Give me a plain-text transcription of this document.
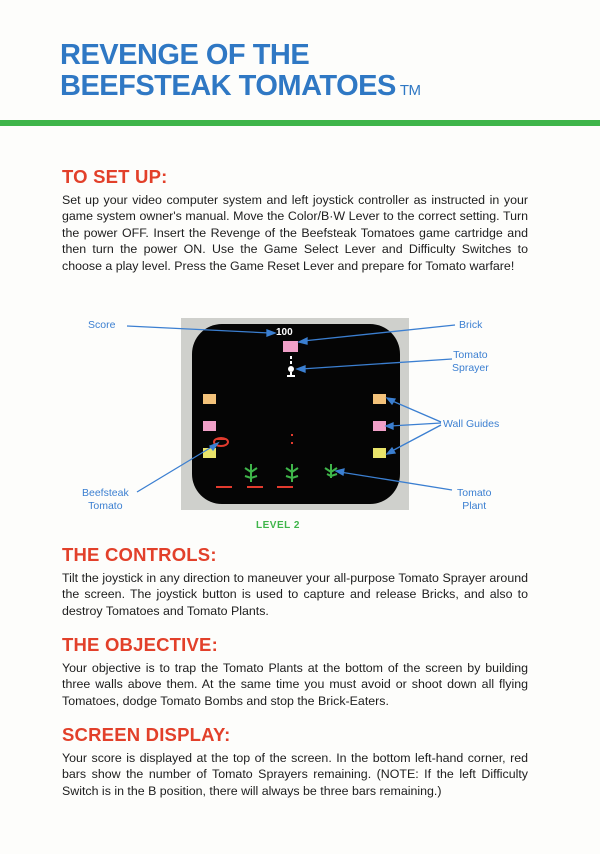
REVENGE OF THE
BEEFSTEAK TOMATOES ™
TO SET UP:

Set up your video computer system and left joystick controller as instructed in your game system owner's manual. Move the Color/B·W Lever to the correct setting. Turn the power OFF. Insert the Revenge of the Beefsteak Tomatoes game cartridge and then turn the power ON. Use the Game Select Lever and Difficulty Switches to choose a play level. Press the Game Reset Lever and prepare for Tomato warfare!

100
Score	Brick
Tomato
Sprayer
Wall Guides
Beefsteak
Tomato
Tomato
Plant
LEVEL 2
THE CONTROLS:

Tilt the joystick in any direction to maneuver your all-purpose Tomato Sprayer around the screen. The joystick button is used to capture and release Bricks, and also to destroy Tomatoes and Tomato Plants.

THE OBJECTIVE:

Your objective is to trap the Tomato Plants at the bottom of the screen by building three walls above them. At the same time you must avoid or shoot down all flying Tomatoes, dodge Tomato Bombs and stop the Brick-Eaters.

SCREEN DISPLAY:

Your score is displayed at the top of the screen. In the bottom left-hand corner, red bars show the number of Tomato Sprayers remaining. (NOTE: If the left Difficulty Switch is in the B position, there will always be three bars remaining.)
